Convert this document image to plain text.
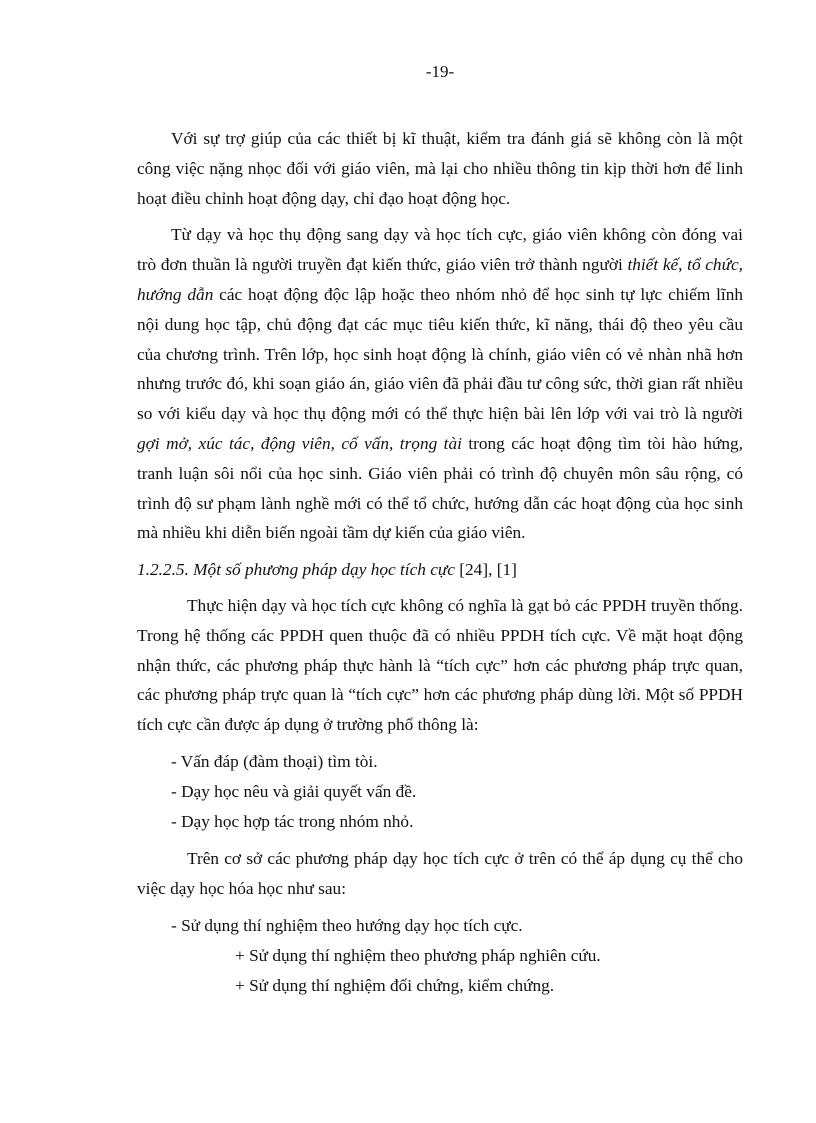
-19-

Với sự trợ giúp của các thiết bị kĩ thuật, kiểm tra đánh giá sẽ không còn là một công việc nặng nhọc đối với giáo viên, mà lại cho nhiều thông tin kịp thời hơn để linh hoạt điều chỉnh hoạt động dạy, chỉ đạo hoạt động học.

Từ dạy và học thụ động sang dạy và học tích cực, giáo viên không còn đóng vai trò đơn thuần là người truyền đạt kiến thức, giáo viên trở thành người thiết kế, tổ chức, hướng dẫn các hoạt động độc lập hoặc theo nhóm nhỏ để học sinh tự lực chiếm lĩnh nội dung học tập, chủ động đạt các mục tiêu kiến thức, kĩ năng, thái độ theo yêu cầu của chương trình. Trên lớp, học sinh hoạt động là chính, giáo viên có vẻ nhàn nhã hơn nhưng trước đó, khi soạn giáo án, giáo viên đã phải đầu tư công sức, thời gian rất nhiều so với kiểu dạy và học thụ động mới có thể thực hiện bài lên lớp với vai trò là người gợi mở, xúc tác, động viên, cố vấn, trọng tài trong các hoạt động tìm tòi hào hứng, tranh luận sôi nổi của học sinh. Giáo viên phải có trình độ chuyên môn sâu rộng, có trình độ sư phạm lành nghề mới có thể tổ chức, hướng dẫn các hoạt động của học sinh mà nhiều khi diễn biến ngoài tầm dự kiến của giáo viên.

1.2.2.5. Một số phương pháp dạy học tích cực [24], [1]

Thực hiện dạy và học tích cực không có nghĩa là gạt bỏ các PPDH truyền thống. Trong hệ thống các PPDH quen thuộc đã có nhiều PPDH tích cực. Về mặt hoạt động nhận thức, các phương pháp thực hành là “tích cực” hơn các phương pháp trực quan, các phương pháp trực quan là “tích cực” hơn các phương pháp dùng lời. Một số PPDH tích cực cần được áp dụng ở trường phổ thông là:

- Vấn đáp (đàm thoại) tìm tòi.

- Dạy học nêu và giải quyết vấn đề.

- Dạy học hợp tác trong nhóm nhỏ.

Trên cơ sở các phương pháp dạy học tích cực ở trên có thể áp dụng cụ thể cho việc dạy học hóa học như sau:

- Sử dụng thí nghiệm theo hướng dạy học tích cực.

+ Sử dụng thí nghiệm theo phương pháp nghiên cứu.

+ Sử dụng thí nghiệm đối chứng, kiểm chứng.
